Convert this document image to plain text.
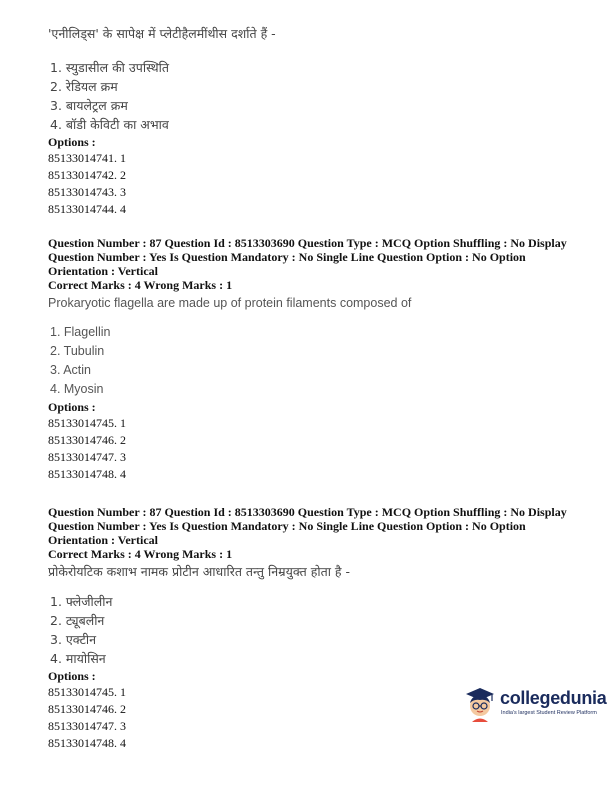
'एनीलिड्स' के सापेक्ष में प्लेटीहैलमींथीस दर्शाते हैं -
1. स्युडासील की उपस्थिति
2. रेडियल क्रम
3. बायलेट्रल क्रम
4. बॉडी केविटी का अभाव
Options :
85133014741. 1
85133014742. 2
85133014743. 3
85133014744. 4
Question Number : 87 Question Id : 8513303690 Question Type : MCQ Option Shuffling : No Display Question Number : Yes Is Question Mandatory : No Single Line Question Option : No Option Orientation : Vertical
Correct Marks : 4 Wrong Marks : 1
Prokaryotic flagella are made up of protein filaments composed of
1. Flagellin
2. Tubulin
3. Actin
4. Myosin
Options :
85133014745. 1
85133014746. 2
85133014747. 3
85133014748. 4
Question Number : 87 Question Id : 8513303690 Question Type : MCQ Option Shuffling : No Display Question Number : Yes Is Question Mandatory : No Single Line Question Option : No Option Orientation : Vertical
Correct Marks : 4 Wrong Marks : 1
प्रोकेरोयटिक कशाभ नामक प्रोटीन आधारित तन्तु निम्रयुक्त होता है -
1. फ्लेजीलीन
2. ट्यूबलीन
3. एक्टीन
4. मायोसिन
Options :
85133014745. 1
85133014746. 2
85133014747. 3
85133014748. 4
collegedunia
India's largest Student Review Platform
